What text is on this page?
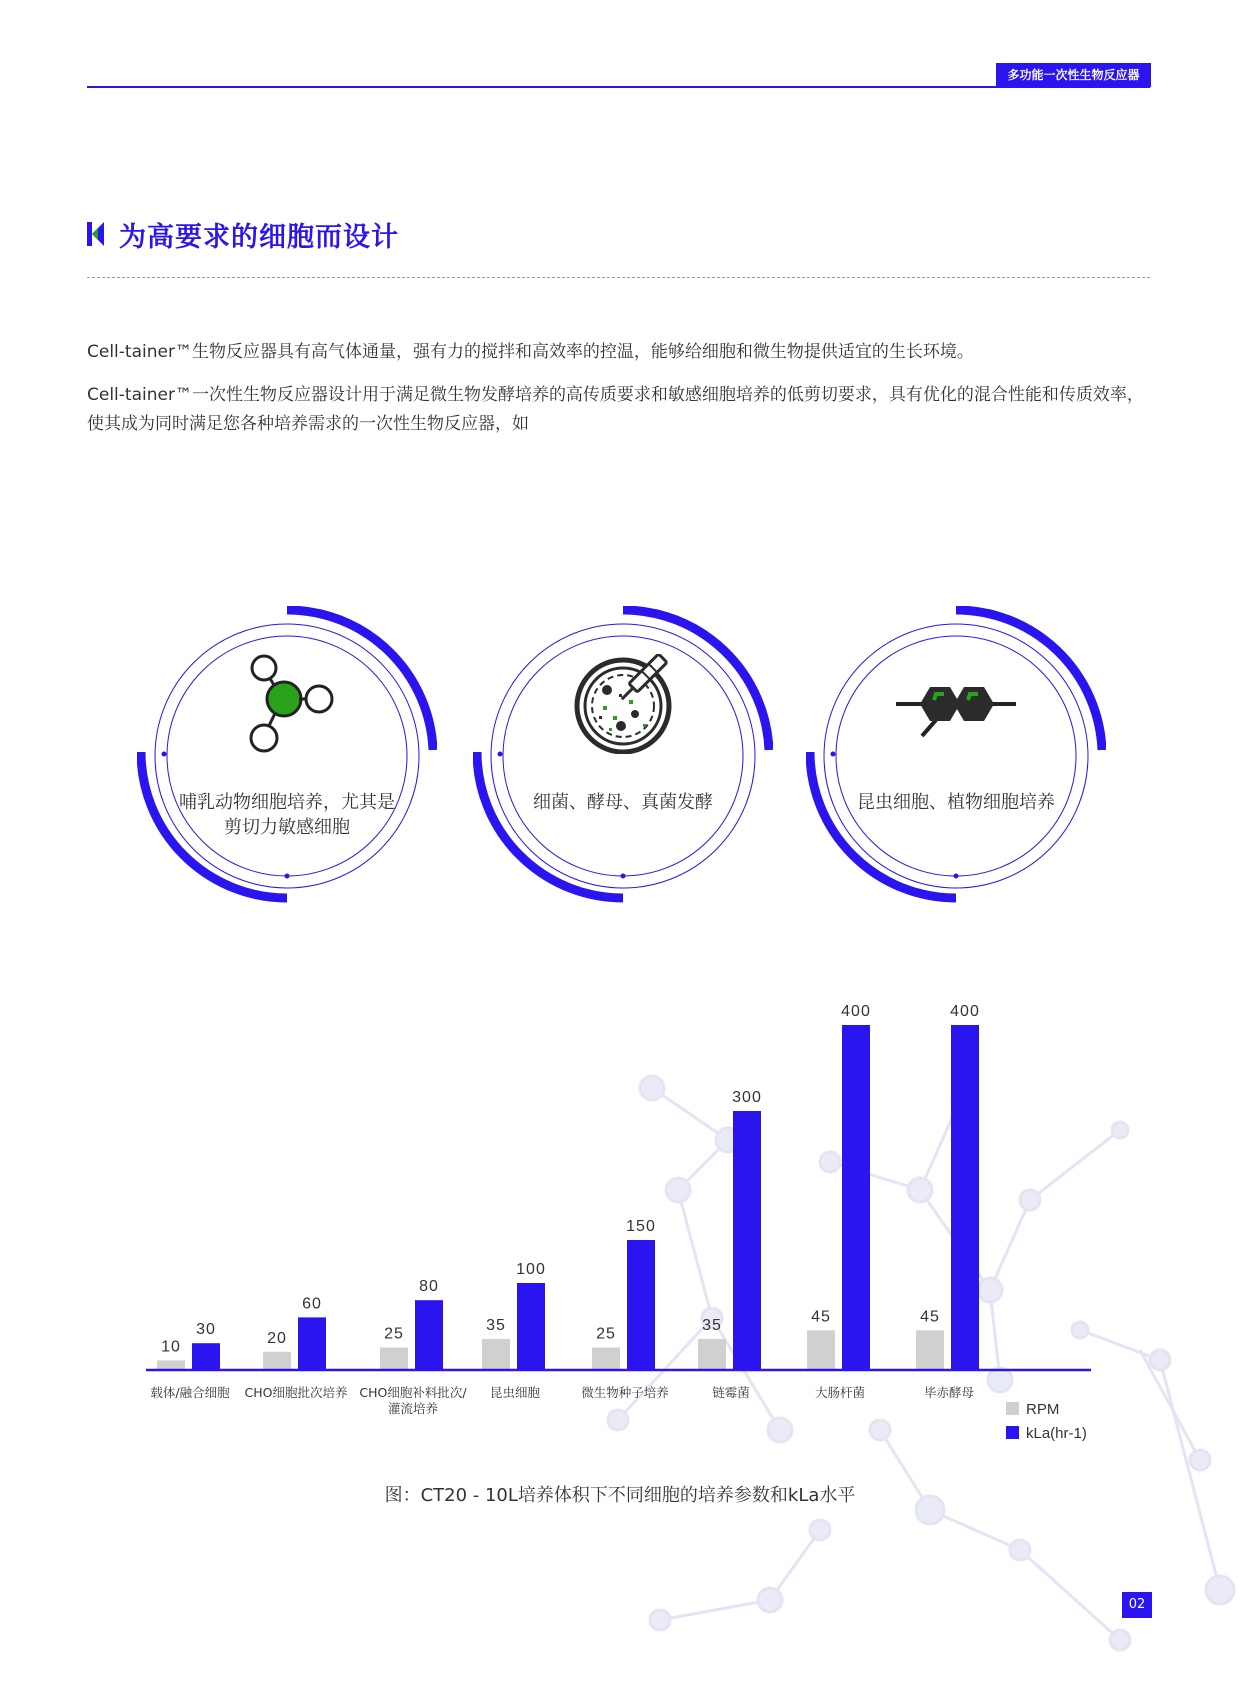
多功能一次性生物反应器
为高要求的细胞而设计

Cell-tainer™生物反应器具有高气体通量，强有力的搅拌和高效率的控温，能够给细胞和微生物提供适宜的生长环境。

Cell-tainer™一次性生物反应器设计用于满足微生物发酵培养的高传质要求和敏感细胞培养的低剪切要求，具有优化的混合性能和传质效率，使其成为同时满足您各种培养需求的一次性生物反应器，如

哺乳动物细胞培养，尤其是剪切力敏感细胞
细菌、酵母、真菌发酵	昆虫细胞、植物细胞培养
10
30
20
60
25
80
35
100
25
150
35
300
45
400
45
400
载体/融合细胞 CHO细胞批次培养 CHO细胞补料批次/
灌流培养
昆虫细胞	微生物种子培养	链霉菌	大肠杆菌	毕赤酵母
RPM
kLa(hr-1)
图：CT20 - 10L培养体积下不同细胞的培养参数和kLa水平
02
